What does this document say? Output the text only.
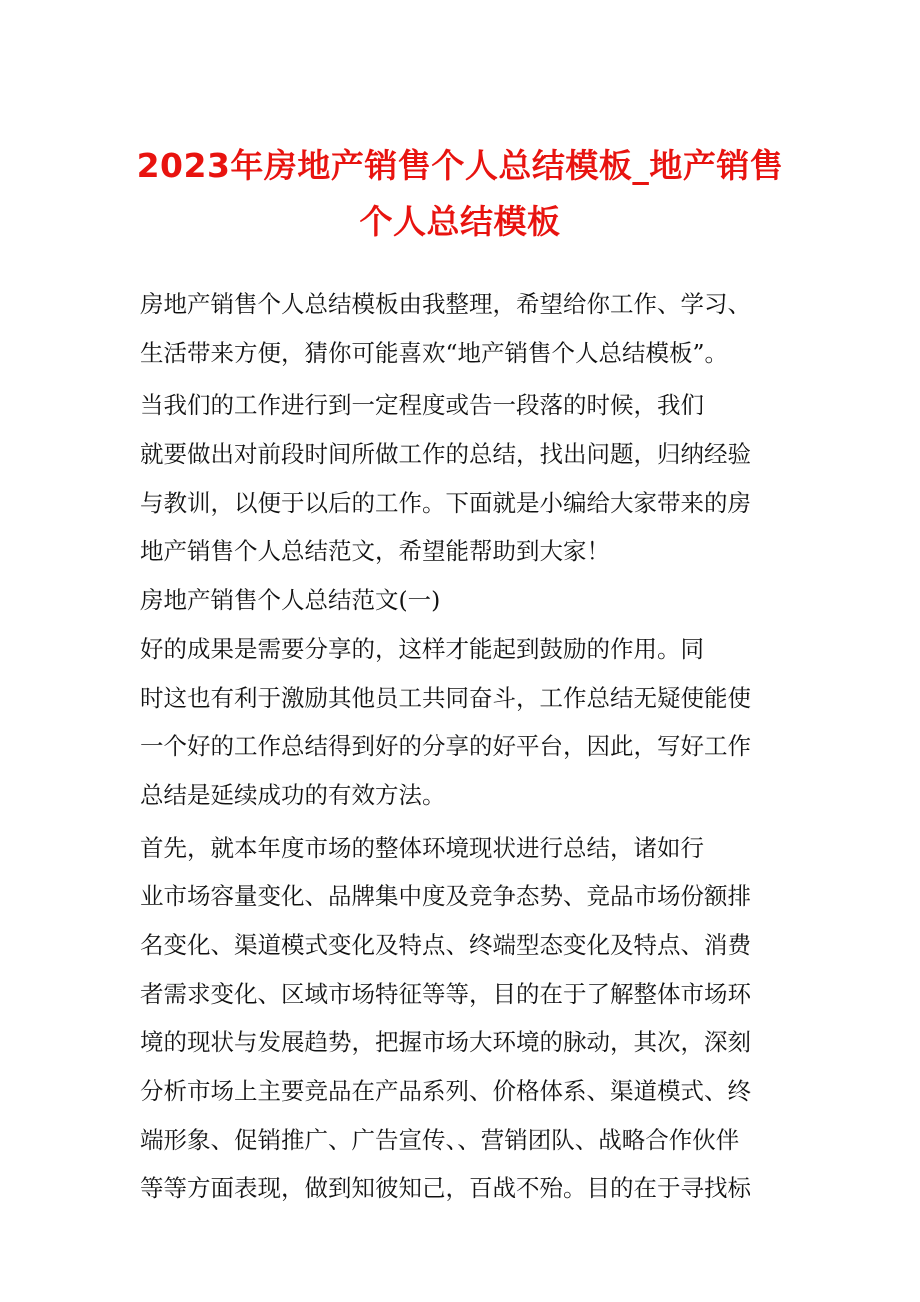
2023年房地产销售个人总结模板_地产销售
个人总结模板
房地产销售个人总结模板由我整理，希望给你工作、学习、
生活带来方便，猜你可能喜欢“地产销售个人总结模板”。
当我们的工作进行到一定程度或告一段落的时候，我们
就要做出对前段时间所做工作的总结，找出问题，归纳经验
与教训，以便于以后的工作。下面就是小编给大家带来的房
地产销售个人总结范文，希望能帮助到大家！
房地产销售个人总结范文(一)
好的成果是需要分享的，这样才能起到鼓励的作用。同
时这也有利于激励其他员工共同奋斗，工作总结无疑使能使
一个好的工作总结得到好的分享的好平台，因此，写好工作
总结是延续成功的有效方法。
首先，就本年度市场的整体环境现状进行总结，诸如行
业市场容量变化、品牌集中度及竞争态势、竞品市场份额排
名变化、渠道模式变化及特点、终端型态变化及特点、消费
者需求变化、区域市场特征等等，目的在于了解整体市场环
境的现状与发展趋势，把握市场大环境的脉动，其次，深刻
分析市场上主要竞品在产品系列、价格体系、渠道模式、终
端形象、促销推广、广告宣传、、营销团队、战略合作伙伴
等等方面表现，做到知彼知己，百战不殆。目的在于寻找标
